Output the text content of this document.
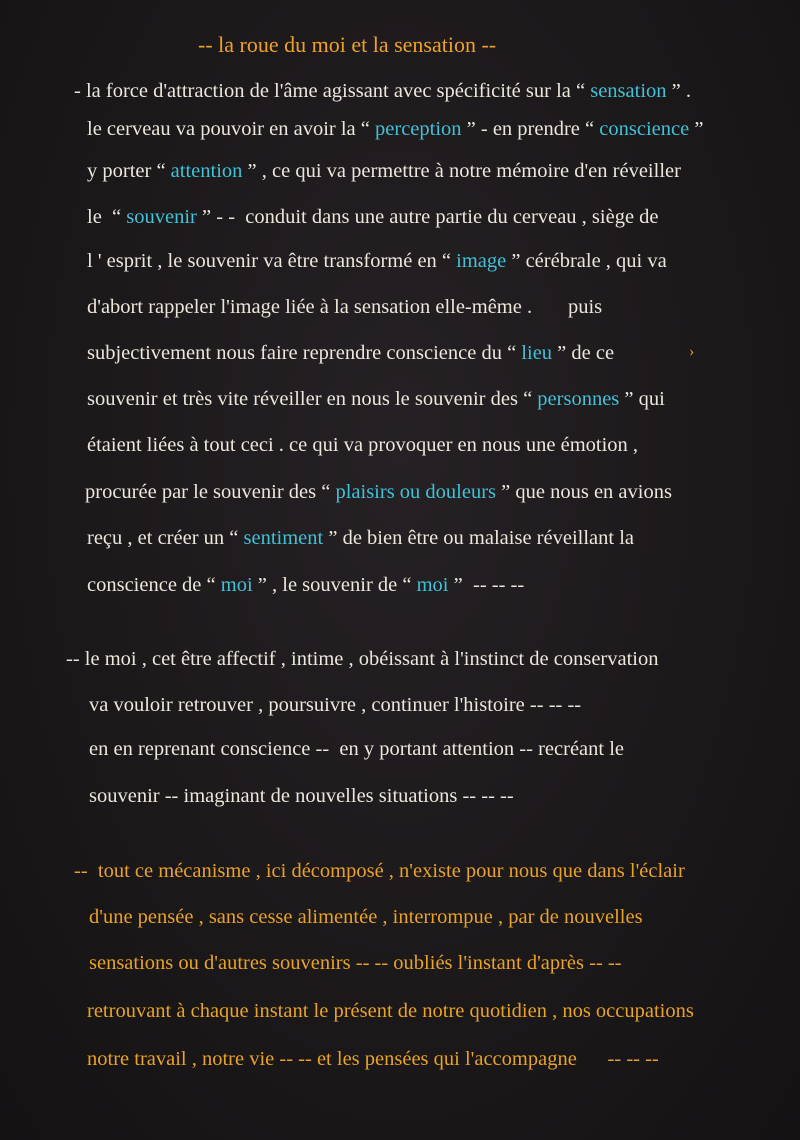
-- la roue du moi et la sensation --
- la force d'attraction de l'âme agissant avec spécificité sur la “ sensation ” .
le cerveau va pouvoir en avoir la “ perception ” - en prendre “ conscience ”
y porter “ attention ” , ce qui va permettre à notre mémoire d'en réveiller
le  “ souvenir ” - -  conduit dans une autre partie du cerveau , siège de
l ' esprit , le souvenir va être transformé en “ image ” cérébrale , qui va
d'abort rappeler l'image liée à la sensation elle-même .       puis
subjectivement nous faire reprendre conscience du “ lieu ” de ce
souvenir et très vite réveiller en nous le souvenir des “ personnes ” qui
étaient liées à tout ceci . ce qui va provoquer en nous une émotion ,
procurée par le souvenir des “ plaisirs ou douleurs ” que nous en avions
reçu , et créer un “ sentiment ” de bien être ou malaise réveillant la
conscience de “ moi ” , le souvenir de “ moi ”  -- -- --
-- le moi , cet être affectif , intime , obéissant à l'instinct de conservation
va vouloir retrouver , poursuivre , continuer l'histoire -- -- --
en en reprenant conscience --  en y portant attention -- recréant le
souvenir -- imaginant de nouvelles situations -- -- --
--  tout ce mécanisme , ici décomposé , n'existe pour nous que dans l'éclair
d'une pensée , sans cesse alimentée , interrompue , par de nouvelles
sensations ou d'autres souvenirs -- -- oubliés l'instant d'après -- --
retrouvant à chaque instant le présent de notre quotidien , nos occupations
notre travail , notre vie -- -- et les pensées qui l'accompagne      -- -- --
›
